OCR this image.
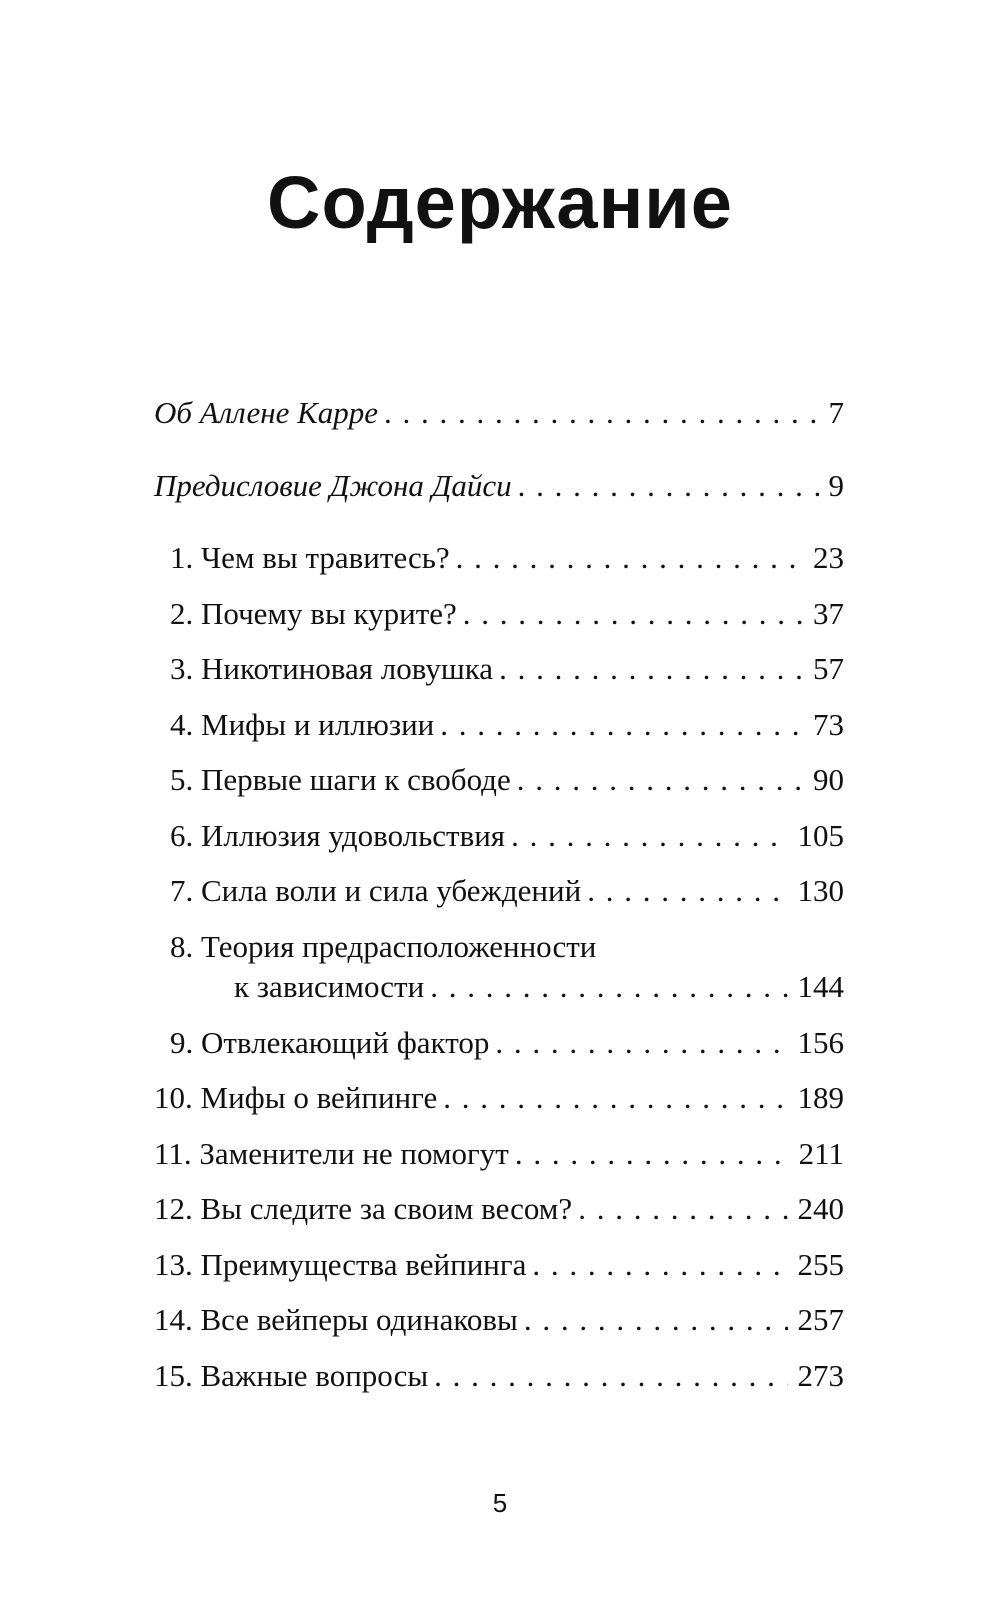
Содержание
Об Аллене Карре . . .	7
Предисловие Джона Дайси . . .	9
1. Чем вы травитесь? . . .	23
2. Почему вы курите? . . .	37
3. Никотиновая ловушка . . .	57
4. Мифы и иллюзии . . .	73
5. Первые шаги к свободе . . .	90
6. Иллюзия удовольствия . . .	105
7. Сила воли и сила убеждений . . .	130
8. Теория предрасположенности
к зависимости . . .	144
9. Отвлекающий фактор . . .	156
10. Мифы о вейпинге . . .	189
11. Заменители не помогут . . .	211
12. Вы следите за своим весом? . . .	240
13. Преимущества вейпинга . . .	255
14. Все вейперы одинаковы . . .	257
15. Важные вопросы . . .	273
5
